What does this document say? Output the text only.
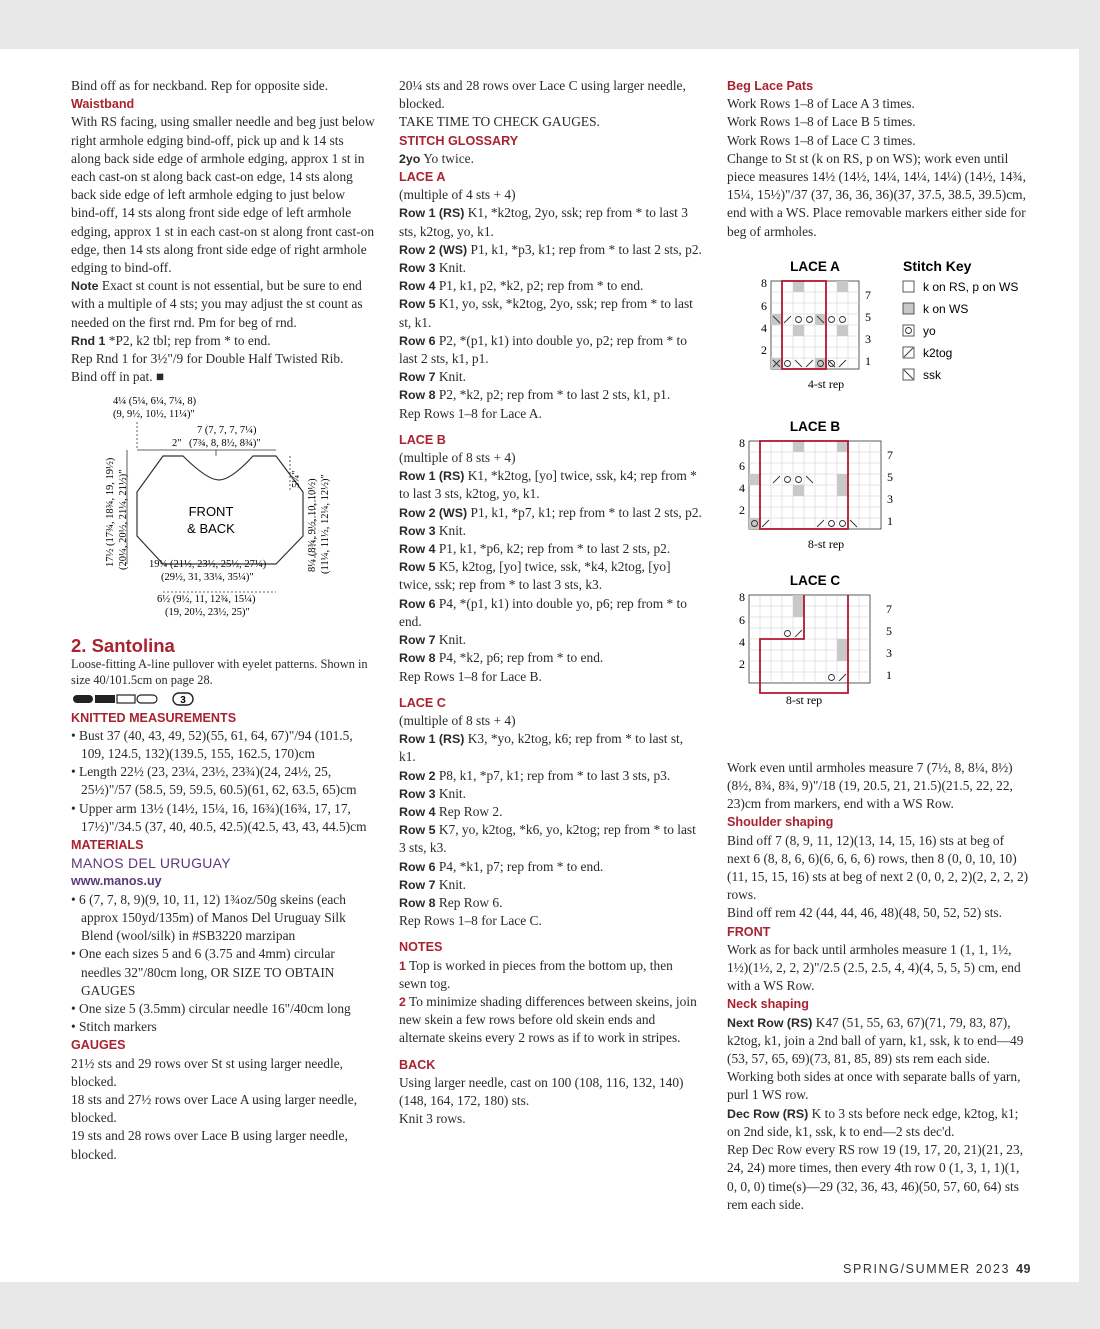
Bind off as for neckband. Rep for opposite side.

Waistband

With RS facing, using smaller needle and beg just below right armhole edging bind-off, pick up and k 14 sts along back side edge of armhole edging, approx 1 st in each cast-on st along back cast-on edge, 14 sts along back side edge of left armhole edging to just below bind-off, 14 sts along front side edge of left armhole edging, approx 1 st in each cast-on st along front cast-on edge, then 14 sts along front side edge of right armhole edging to bind-off.
Note Exact st count is not essential, but be sure to end with a multiple of 4 sts; you may adjust the st count as needed on the first rnd. Pm for beg of rnd.
Rnd 1 *P2, k2 tbl; rep from * to end.

Rep Rnd 1 for 3½"/9 for Double Half Twisted Rib.

Bind off in pat. ■

4¼ (5¼, 6¼, 7¼, 8)
(9, 9½, 10½, 11¼)"
7 (7, 7, 7, 7¼)
2" (7¾, 8, 8½, 8¾)"
FRONT
& BACK
17½ (17¾, 18¾, 19, 19½) (20¼, 20½, 21¼, 21½)"	5¼" 8¼ (8¾, 9½, 10, 10½) (11¼, 11½, 12¼, 12½)"
19¼ (21½, 23½, 25½, 27¼)
(29½, 31, 33¼, 35¼)"
6½ (9½, 11, 12¾, 15¼)
(19, 20½, 23½, 25)"

2. Santolina

Loose-fitting A-line pullover with eyelet patterns. Shown in size 40/101.5cm on page 28.

3

KNITTED MEASUREMENTS

• Bust 37 (40, 43, 49, 52)(55, 61, 64, 67)"/94 (101.5, 109, 124.5, 132)(139.5, 155, 162.5, 170)cm

• Length 22½ (23, 23¼, 23½, 23¾)(24, 24½, 25, 25½)"/57 (58.5, 59, 59.5, 60.5)(61, 62, 63.5, 65)cm

• Upper arm 13½ (14½, 15¼, 16, 16¾)(16¾, 17, 17, 17½)"/34.5 (37, 40, 40.5, 42.5)(42.5, 43, 43, 44.5)cm

MATERIALS

MANOS DEL URUGUAY

www.manos.uy

• 6 (7, 7, 8, 9)(9, 10, 11, 12) 1¾oz/50g skeins (each approx 150yd/135m) of Manos Del Uruguay Silk Blend (wool/silk) in #SB3220 marzipan

• One each sizes 5 and 6 (3.75 and 4mm) circular needles 32"/80cm long, OR SIZE TO OBTAIN GAUGES

• One size 5 (3.5mm) circular needle 16"/40cm long

• Stitch markers

GAUGES

21½ sts and 29 rows over St st using larger needle, blocked.

18 sts and 27½ rows over Lace A using larger needle, blocked.

19 sts and 28 rows over Lace B using larger needle, blocked.

20¼ sts and 28 rows over Lace C using larger needle, blocked.

TAKE TIME TO CHECK GAUGES.

STITCH GLOSSARY

2yo Yo twice.

LACE A

(multiple of 4 sts + 4)

Row 1 (RS) K1, *k2tog, 2yo, ssk; rep from * to last 3 sts, k2tog, yo, k1.

Row 2 (WS) P1, k1, *p3, k1; rep from * to last 2 sts, p2.

Row 3 Knit.

Row 4 P1, k1, p2, *k2, p2; rep from * to end.

Row 5 K1, yo, ssk, *k2tog, 2yo, ssk; rep from * to last st, k1.

Row 6 P2, *(p1, k1) into double yo, p2; rep from * to last 2 sts, k1, p1.

Row 7 Knit.

Row 8 P2, *k2, p2; rep from * to last 2 sts, k1, p1.

Rep Rows 1–8 for Lace A.

LACE B

(multiple of 8 sts + 4)

Row 1 (RS) K1, *k2tog, [yo] twice, ssk, k4; rep from * to last 3 sts, k2tog, yo, k1.

Row 2 (WS) P1, k1, *p7, k1; rep from * to last 2 sts, p2.

Row 3 Knit.

Row 4 P1, k1, *p6, k2; rep from * to last 2 sts, p2.

Row 5 K5, k2tog, [yo] twice, ssk, *k4, k2tog, [yo] twice, ssk; rep from * to last 3 sts, k3.

Row 6 P4, *(p1, k1) into double yo, p6; rep from * to end.

Row 7 Knit.

Row 8 P4, *k2, p6; rep from * to end.

Rep Rows 1–8 for Lace B.

LACE C

(multiple of 8 sts + 4)

Row 1 (RS) K3, *yo, k2tog, k6; rep from * to last st, k1.

Row 2 P8, k1, *p7, k1; rep from * to last 3 sts, p3.

Row 3 Knit.

Row 4 Rep Row 2.

Row 5 K7, yo, k2tog, *k6, yo, k2tog; rep from * to last 3 sts, k3.

Row 6 P4, *k1, p7; rep from * to end.

Row 7 Knit.

Row 8 Rep Row 6.

Rep Rows 1–8 for Lace C.

NOTES

1 Top is worked in pieces from the bottom up, then sewn tog.

2 To minimize shading differences between skeins, join new skein a few rows before old skein ends and alternate skeins every 2 rows as if to work in stripes.

BACK

Using larger needle, cast on 100 (108, 116, 132, 140)(148, 164, 172, 180) sts.

Knit 3 rows.

Beg Lace Pats

Work Rows 1–8 of Lace A 3 times.

Work Rows 1–8 of Lace B 5 times.

Work Rows 1–8 of Lace C 3 times.

Change to St st (k on RS, p on WS); work even until piece measures 14½ (14½, 14¼, 14¼, 14¼) (14½, 14¾, 15¼, 15½)"/37 (37, 36, 36, 36)(37, 37.5, 38.5, 39.5)cm, end with a WS. Place removable markers either side for beg of armholes.

LACE A
8
6
4
2
7
5
3
1
4-st rep
Stitch Key
k on RS, p on WS
k on WS
yo
k2tog
ssk
LACE B
8
6
4
2
7
5
3
1
8-st rep
LACE C
8
6
4
2
7
5
3
1
8-st rep

Work even until armholes measure 7 (7½, 8, 8¼, 8½)(8½, 8¾, 8¾, 9)"/18 (19, 20.5, 21, 21.5)(21.5, 22, 22, 23)cm from markers, end with a WS Row.

Shoulder shaping

Bind off 7 (8, 9, 11, 12)(13, 14, 15, 16) sts at beg of next 6 (8, 8, 6, 6)(6, 6, 6, 6) rows, then 8 (0, 0, 10, 10)(11, 15, 15, 16) sts at beg of next 2 (0, 0, 2, 2)(2, 2, 2, 2) rows.

Bind off rem 42 (44, 44, 46, 48)(48, 50, 52, 52) sts.

FRONT

Work as for back until armholes measure 1 (1, 1, 1½, 1½)(1½, 2, 2, 2)"/2.5 (2.5, 2.5, 4, 4)(4, 5, 5, 5) cm, end with a WS Row.

Neck shaping

Next Row (RS) K47 (51, 55, 63, 67)(71, 79, 83, 87), k2tog, k1, join a 2nd ball of yarn, k1, ssk, k to end—49 (53, 57, 65, 69)(73, 81, 85, 89) sts rem each side. Working both sides at once with separate balls of yarn, purl 1 WS row.

Dec Row (RS) K to 3 sts before neck edge, k2tog, k1; on 2nd side, k1, ssk, k to end—2 sts dec'd.

Rep Dec Row every RS row 19 (19, 17, 20, 21)(21, 23, 24, 24) more times, then every 4th row 0 (1, 3, 1, 1)(1, 0, 0, 0) time(s)—29 (32, 36, 43, 46)(50, 57, 60, 64) sts rem each side.

SPRING/SUMMER 2023 49
